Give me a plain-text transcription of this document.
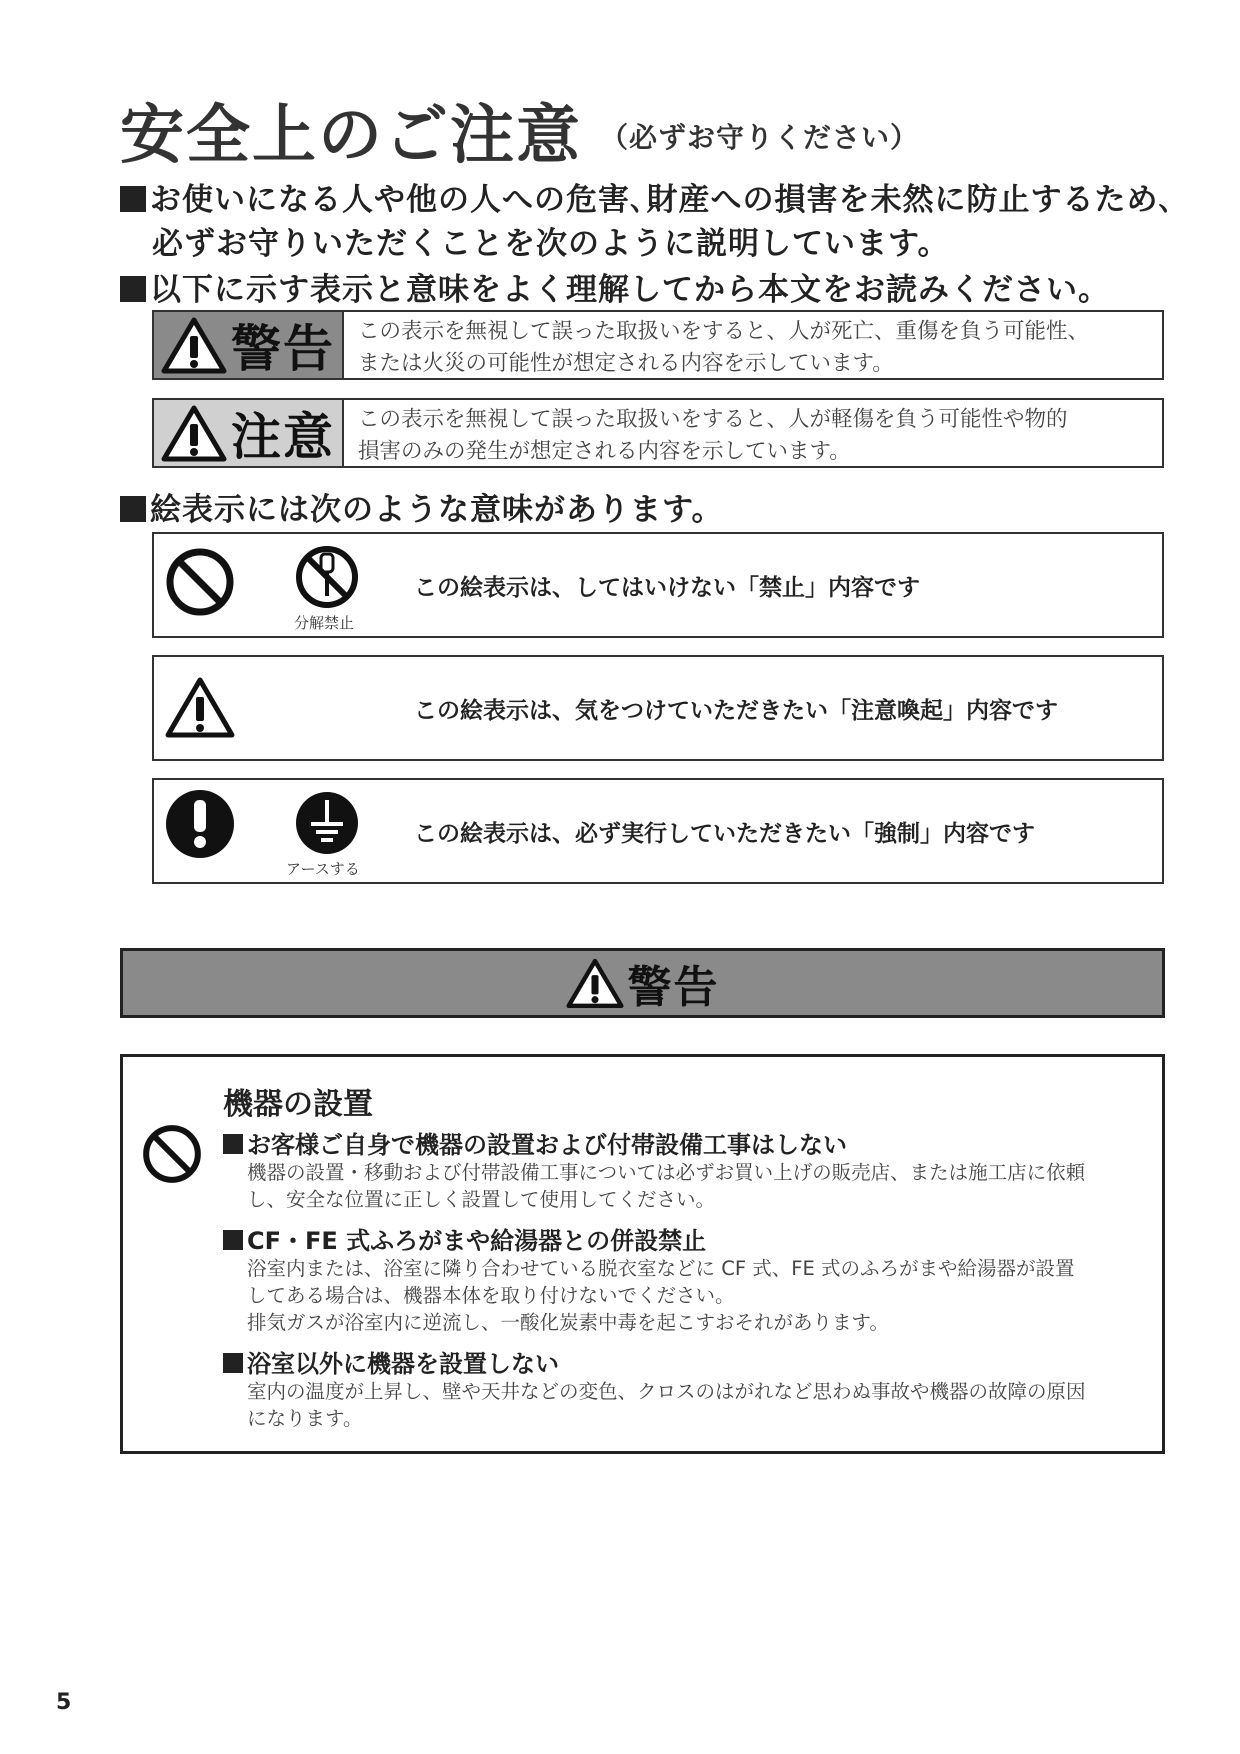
安全上のご注意 $^{(必ずお守りください)}$
お使いになる人や他の人への危害､財産への損害を未然に防止するため､
必ずお守りいただくことを次のように説明しています。
以下に示す表示と意味をよく理解してから本文をお読みください。
警告 この表示を無視して誤った取扱いをすると、人が死亡、重傷を負う可能性、
または火災の可能性が想定される内容を示しています。
注意 この表示を無視して誤った取扱いをすると、人が軽傷を負う可能性や物的
損害のみの発生が想定される内容を示しています。
絵表示には次のような意味があります。
分解禁止
この絵表示は、してはいけない「禁止」内容です
この絵表示は、気をつけていただきたい「注意喚起」内容です
アースする
この絵表示は、必ず実行していただきたい「強制」内容です
警告
機器の設置
お客様ご自身で機器の設置および付帯設備工事はしない
機器の設置・移動および付帯設備工事については必ずお買い上げの販売店、または施工店に依頼
し、安全な位置に正しく設置して使用してください。
CF・FE 式ふろがまや給湯器との併設禁止
浴室内または、浴室に隣り合わせている脱衣室などに CF 式、FE 式のふろがまや給湯器が設置
してある場合は、機器本体を取り付けないでください。
排気ガスが浴室内に逆流し、一酸化炭素中毒を起こすおそれがあります。
浴室以外に機器を設置しない
室内の温度が上昇し、壁や天井などの変色、クロスのはがれなど思わぬ事故や機器の故障の原因
になります。
5
